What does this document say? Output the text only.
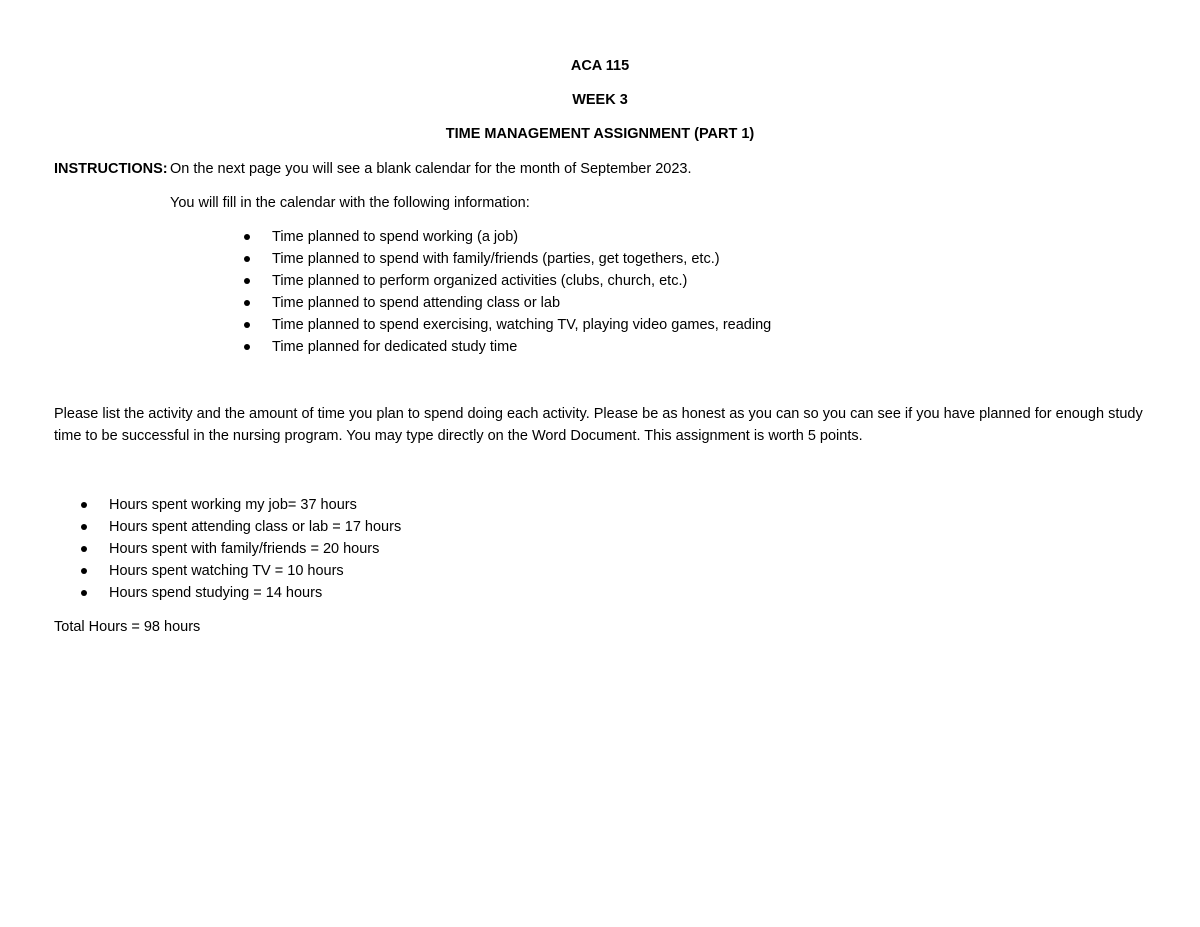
ACA 115
WEEK 3
TIME MANAGEMENT ASSIGNMENT (PART 1)
INSTRUCTIONS: On the next page you will see a blank calendar for the month of September 2023.
You will fill in the calendar with the following information:
Time planned to spend working (a job)
Time planned to spend with family/friends (parties, get togethers, etc.)
Time planned to perform organized activities (clubs, church, etc.)
Time planned to spend attending class or lab
Time planned to spend exercising, watching TV, playing video games, reading
Time planned for dedicated study time
Please list the activity and the amount of time you plan to spend doing each activity. Please be as honest as you can so you can see if you have planned for enough study time to be successful in the nursing program. You may type directly on the Word Document. This assignment is worth 5 points.
Hours spent working my job= 37 hours
Hours spent attending class or lab = 17 hours
Hours spent with family/friends = 20 hours
Hours spent watching TV = 10 hours
Hours spend studying = 14 hours
Total Hours = 98 hours
